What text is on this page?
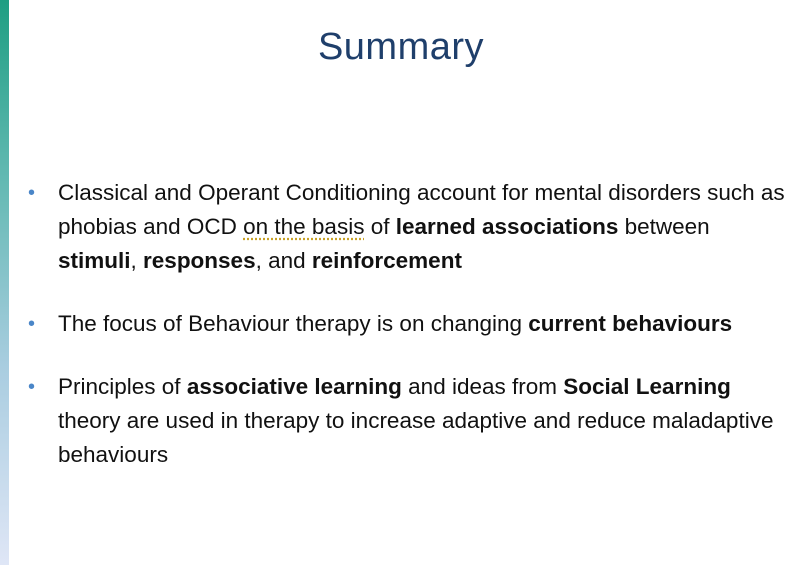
Summary
•	Classical and Operant Conditioning account for mental disorders such as phobias and OCD on the basis of learned associations between stimuli, responses, and reinforcement
•	The focus of Behaviour therapy is on changing current behaviours
•	Principles of associative learning and ideas from Social Learning theory are used in therapy to increase adaptive and reduce maladaptive behaviours
